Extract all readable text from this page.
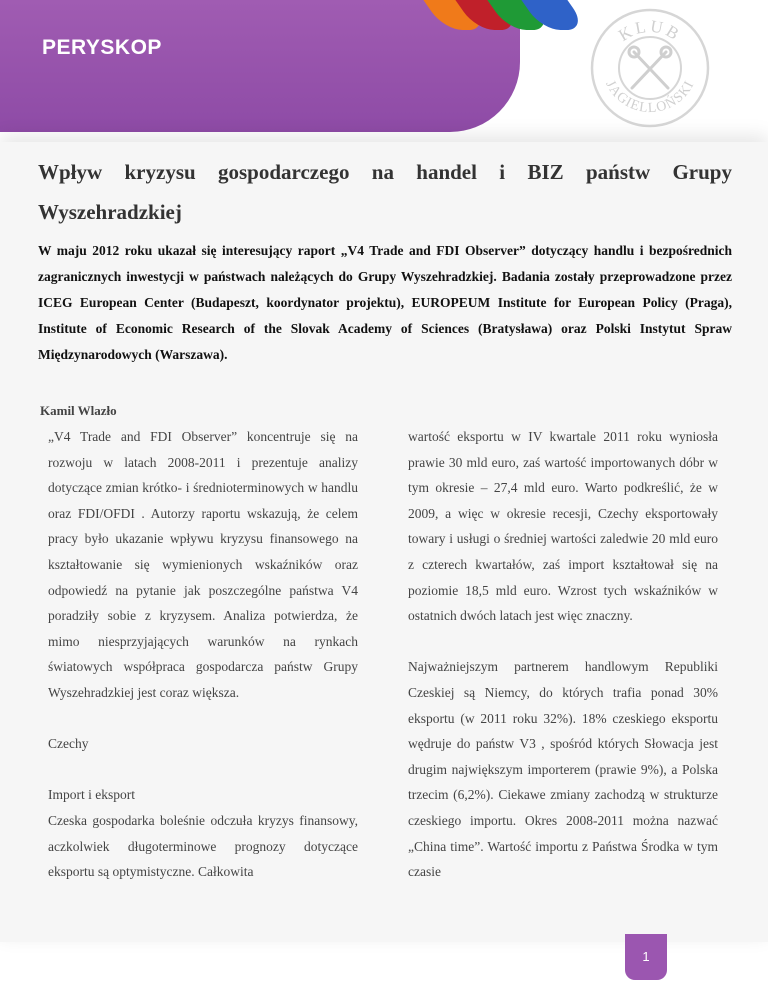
PERYSKOP
KLUB
JAGIELLOŃSKI
Wpływ kryzysu gospodarczego na handel i BIZ państw Grupy Wyszehradzkiej

W maju 2012 roku ukazał się interesujący raport „V4 Trade and FDI Observer” dotyczący handlu i bezpośrednich zagranicznych inwestycji w państwach należących do Grupy Wyszehradzkiej. Badania zostały przeprowadzone przez ICEG European Center (Budapeszt, koordynator projektu), EUROPEUM Institute for European Policy (Praga), Institute of Economic Research of the Slovak Academy of Sciences (Bratysława) oraz Polski Instytut Spraw Międzynarodowych (Warszawa).

Kamil Wlazło

„V4 Trade and FDI Observer” koncentruje się na rozwoju w latach 2008-2011 i prezentuje analizy dotyczące zmian krótko- i średnioterminowych w handlu oraz FDI/OFDI . Autorzy raportu wskazują, że celem pracy było ukazanie wpływu kryzysu finansowego na kształtowanie się wymienionych wskaźników oraz odpowiedź na pytanie jak poszczególne państwa V4 poradziły sobie z kryzysem. Analiza potwierdza, że mimo niesprzyjających warunków na rynkach światowych współpraca gospodarcza państw Grupy Wyszehradzkiej jest coraz większa.

Czechy
Import i eksport

Czeska gospodarka boleśnie odczuła kryzys finansowy, aczkolwiek długoterminowe prognozy dotyczące eksportu są optymistyczne. Całkowita

wartość eksportu w IV kwartale 2011 roku wyniosła prawie 30 mld euro, zaś wartość importowanych dóbr w tym okresie – 27,4 mld euro. Warto podkreślić, że w 2009, a więc w okresie recesji, Czechy eksportowały towary i usługi o średniej wartości zaledwie 20 mld euro z czterech kwartałów, zaś import kształtował się na poziomie 18,5 mld euro. Wzrost tych wskaźników w ostatnich dwóch latach jest więc znaczny.

Najważniejszym partnerem handlowym Republiki Czeskiej są Niemcy, do których trafia ponad 30% eksportu (w 2011 roku 32%). 18% czeskiego eksportu wędruje do państw V3 , spośród których Słowacja jest drugim największym importerem (prawie 9%), a Polska trzecim (6,2%). Ciekawe zmiany zachodzą w strukturze czeskiego importu. Okres 2008-2011 można nazwać „China time”. Wartość importu z Państwa Środka w tym czasie

1
